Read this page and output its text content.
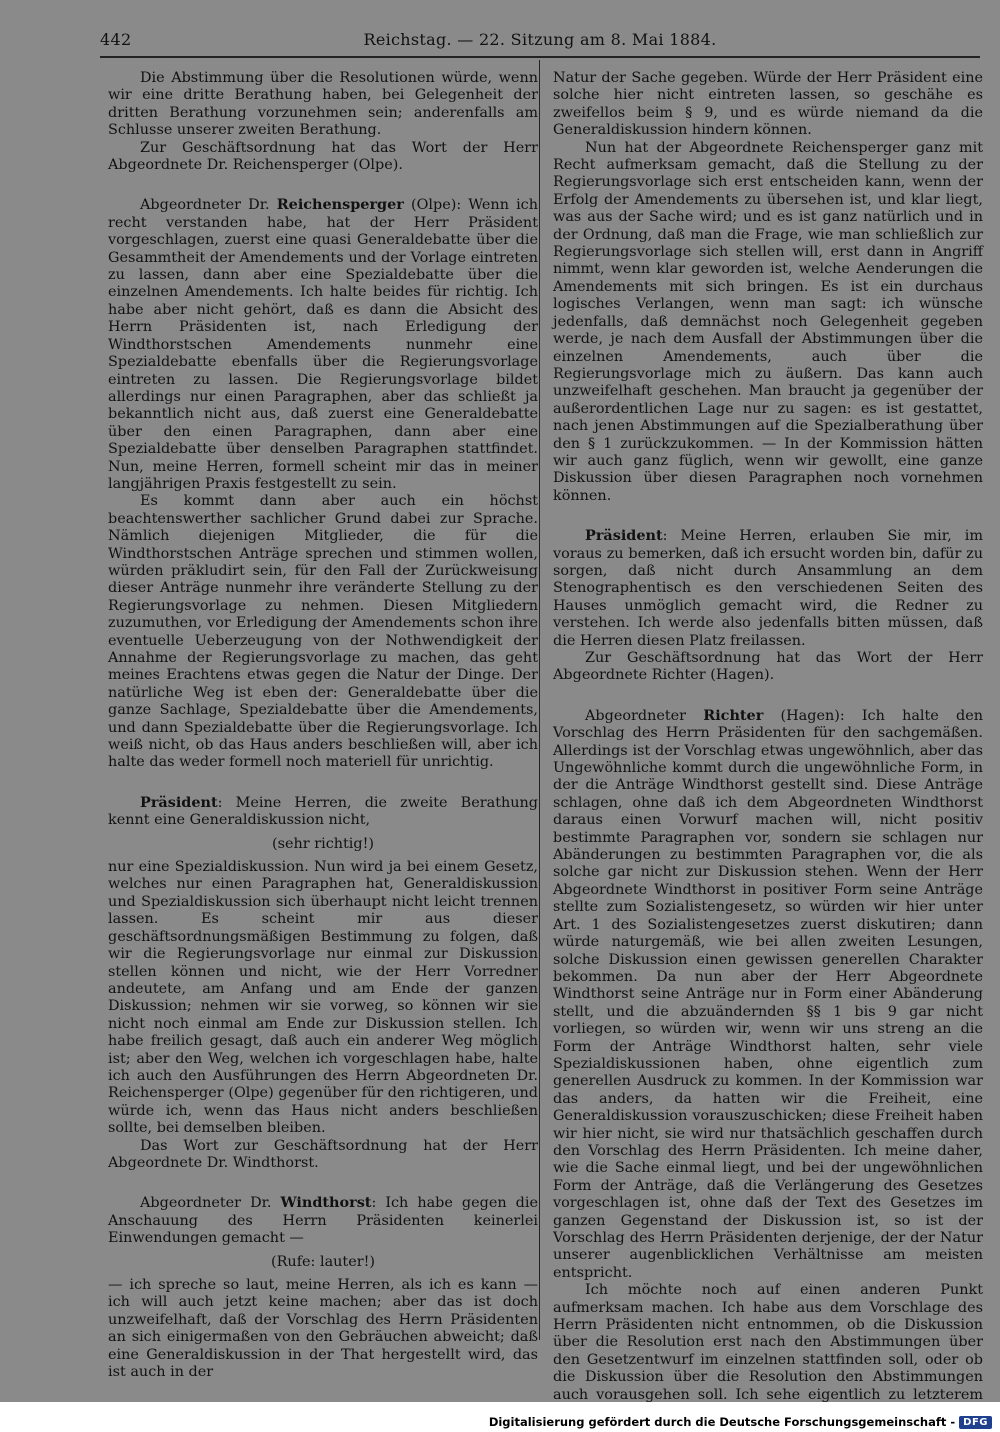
442	Reichstag. — 22. Sitzung am 8. Mai 1884.

Die Abstimmung über die Resolutionen würde, wenn wir eine dritte Berathung haben, bei Gelegenheit der dritten Berathung vorzunehmen sein; anderenfalls am Schlusse unserer zweiten Berathung.

Zur Geschäftsordnung hat das Wort der Herr Abgeordnete Dr. Reichensperger (Olpe).

Abgeordneter Dr. Reichensperger (Olpe): Wenn ich recht verstanden habe, hat der Herr Präsident vorgeschlagen, zuerst eine quasi Generaldebatte über die Gesammtheit der Amendements und der Vorlage eintreten zu lassen, dann aber eine Spezialdebatte über die einzelnen Amendements. Ich halte beides für richtig. Ich habe aber nicht gehört, daß es dann die Absicht des Herrn Präsidenten ist, nach Erledigung der Windthorstschen Amendements nunmehr eine Spezialdebatte ebenfalls über die Regierungsvorlage eintreten zu lassen. Die Regierungsvorlage bildet allerdings nur einen Paragraphen, aber das schließt ja bekanntlich nicht aus, daß zuerst eine Generaldebatte über den einen Paragraphen, dann aber eine Spezialdebatte über denselben Paragraphen stattfindet. Nun, meine Herren, formell scheint mir das in meiner langjährigen Praxis festgestellt zu sein.

Es kommt dann aber auch ein höchst beachtenswerther sachlicher Grund dabei zur Sprache. Nämlich diejenigen Mitglieder, die für die Windthorstschen Anträge sprechen und stimmen wollen, würden präkludirt sein, für den Fall der Zurückweisung dieser Anträge nunmehr ihre veränderte Stellung zu der Regierungsvorlage zu nehmen. Diesen Mitgliedern zuzumuthen, vor Erledigung der Amendements schon ihre eventuelle Ueberzeugung von der Nothwendigkeit der Annahme der Regierungsvorlage zu machen, das geht meines Erachtens etwas gegen die Natur der Dinge. Der natürliche Weg ist eben der: Generaldebatte über die ganze Sachlage, Spezialdebatte über die Amendements, und dann Spezialdebatte über die Regierungsvorlage. Ich weiß nicht, ob das Haus anders beschließen will, aber ich halte das weder formell noch materiell für unrichtig.

Präsident: Meine Herren, die zweite Berathung kennt eine Generaldiskussion nicht,

(sehr richtig!)

nur eine Spezialdiskussion. Nun wird ja bei einem Gesetz, welches nur einen Paragraphen hat, Generaldiskussion und Spezialdiskussion sich überhaupt nicht leicht trennen lassen. Es scheint mir aus dieser geschäftsordnungsmäßigen Bestimmung zu folgen, daß wir die Regierungsvorlage nur einmal zur Diskussion stellen können und nicht, wie der Herr Vorredner andeutete, am Anfang und am Ende der ganzen Diskussion; nehmen wir sie vorweg, so können wir sie nicht noch einmal am Ende zur Diskussion stellen. Ich habe freilich gesagt, daß auch ein anderer Weg möglich ist; aber den Weg, welchen ich vorgeschlagen habe, halte ich auch den Ausführungen des Herrn Abgeordneten Dr. Reichensperger (Olpe) gegenüber für den richtigeren, und würde ich, wenn das Haus nicht anders beschließen sollte, bei demselben bleiben.

Das Wort zur Geschäftsordnung hat der Herr Abgeordnete Dr. Windthorst.

Abgeordneter Dr. Windthorst: Ich habe gegen die Anschauung des Herrn Präsidenten keinerlei Einwendungen gemacht —

(Rufe: lauter!)

— ich spreche so laut, meine Herren, als ich es kann — ich will auch jetzt keine machen; aber das ist doch unzweifelhaft, daß der Vorschlag des Herrn Präsidenten an sich einigermaßen von den Gebräuchen abweicht; daß eine Generaldiskussion in der That hergestellt wird, das ist auch in der

Natur der Sache gegeben. Würde der Herr Präsident eine solche hier nicht eintreten lassen, so geschähe es zweifellos beim § 9, und es würde niemand da die Generaldiskussion hindern können.

Nun hat der Abgeordnete Reichensperger ganz mit Recht aufmerksam gemacht, daß die Stellung zu der Regierungsvorlage sich erst entscheiden kann, wenn der Erfolg der Amendements zu übersehen ist, und klar liegt, was aus der Sache wird; und es ist ganz natürlich und in der Ordnung, daß man die Frage, wie man schließlich zur Regierungsvorlage sich stellen will, erst dann in Angriff nimmt, wenn klar geworden ist, welche Aenderungen die Amendements mit sich bringen. Es ist ein durchaus logisches Verlangen, wenn man sagt: ich wünsche jedenfalls, daß demnächst noch Gelegenheit gegeben werde, je nach dem Ausfall der Abstimmungen über die einzelnen Amendements, auch über die Regierungsvorlage mich zu äußern. Das kann auch unzweifelhaft geschehen. Man braucht ja gegenüber der außerordentlichen Lage nur zu sagen: es ist gestattet, nach jenen Abstimmungen auf die Spezialberathung über den § 1 zurückzukommen. — In der Kommission hätten wir auch ganz füglich, wenn wir gewollt, eine ganze Diskussion über diesen Paragraphen noch vornehmen können.

Präsident: Meine Herren, erlauben Sie mir, im voraus zu bemerken, daß ich ersucht worden bin, dafür zu sorgen, daß nicht durch Ansammlung an dem Stenographentisch es den verschiedenen Seiten des Hauses unmöglich gemacht wird, die Redner zu verstehen. Ich werde also jedenfalls bitten müssen, daß die Herren diesen Platz freilassen.

Zur Geschäftsordnung hat das Wort der Herr Abgeordnete Richter (Hagen).

Abgeordneter Richter (Hagen): Ich halte den Vorschlag des Herrn Präsidenten für den sachgemäßen. Allerdings ist der Vorschlag etwas ungewöhnlich, aber das Ungewöhnliche kommt durch die ungewöhnliche Form, in der die Anträge Windthorst gestellt sind. Diese Anträge schlagen, ohne daß ich dem Abgeordneten Windthorst daraus einen Vorwurf machen will, nicht positiv bestimmte Paragraphen vor, sondern sie schlagen nur Abänderungen zu bestimmten Paragraphen vor, die als solche gar nicht zur Diskussion stehen. Wenn der Herr Abgeordnete Windthorst in positiver Form seine Anträge stellte zum Sozialistengesetz, so würden wir hier unter Art. 1 des Sozialistengesetzes zuerst diskutiren; dann würde naturgemäß, wie bei allen zweiten Lesungen, solche Diskussion einen gewissen generellen Charakter bekommen. Da nun aber der Herr Abgeordnete Windthorst seine Anträge nur in Form einer Abänderung stellt, und die abzuändernden §§ 1 bis 9 gar nicht vorliegen, so würden wir, wenn wir uns streng an die Form der Anträge Windthorst halten, sehr viele Spezialdiskussionen haben, ohne eigentlich zum generellen Ausdruck zu kommen. In der Kommission war das anders, da hatten wir die Freiheit, eine Generaldiskussion vorauszuschicken; diese Freiheit haben wir hier nicht, sie wird nur thatsächlich geschaffen durch den Vorschlag des Herrn Präsidenten. Ich meine daher, wie die Sache einmal liegt, und bei der ungewöhnlichen Form der Anträge, daß die Verlängerung des Gesetzes vorgeschlagen ist, ohne daß der Text des Gesetzes im ganzen Gegenstand der Diskussion ist, so ist der Vorschlag des Herrn Präsidenten derjenige, der der Natur unserer augenblicklichen Verhältnisse am meisten entspricht.

Ich möchte noch auf einen anderen Punkt aufmerksam machen. Ich habe aus dem Vorschlage des Herrn Präsidenten nicht entnommen, ob die Diskussion über die Resolution erst nach den Abstimmungen über den Gesetzentwurf im einzelnen stattfinden soll, oder ob die Diskussion über die Resolution den Abstimmungen auch vorausgehen soll. Ich sehe eigentlich zu letzterem

Digitalisierung gefördert durch die Deutsche Forschungsgemeinschaft - DFG
